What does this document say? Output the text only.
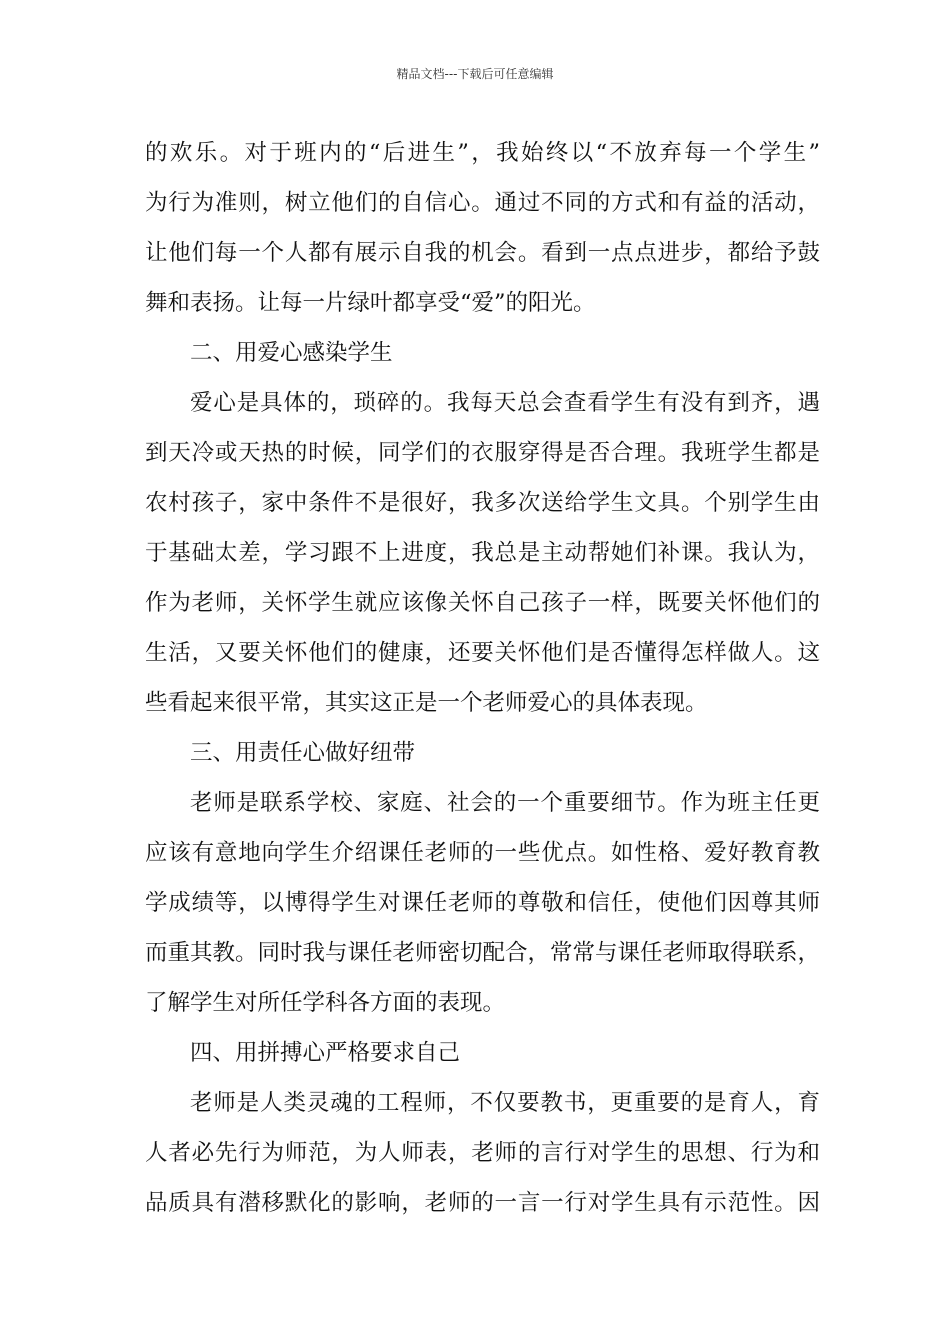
精品文档---下载后可任意编辑
的欢乐。对于班内的“后进生”，我始终以“不放弃每一个学生”
为行为准则，树立他们的自信心。通过不同的方式和有益的活动，
让他们每一个人都有展示自我的机会。看到一点点进步，都给予鼓
舞和表扬。让每一片绿叶都享受“爱”的阳光。
二、用爱心感染学生
爱心是具体的，琐碎的。我每天总会查看学生有没有到齐，遇
到天冷或天热的时候，同学们的衣服穿得是否合理。我班学生都是
农村孩子，家中条件不是很好，我多次送给学生文具。个别学生由
于基础太差，学习跟不上进度，我总是主动帮她们补课。我认为，
作为老师，关怀学生就应该像关怀自己孩子一样，既要关怀他们的
生活，又要关怀他们的健康，还要关怀他们是否懂得怎样做人。这
些看起来很平常，其实这正是一个老师爱心的具体表现。
三、用责任心做好纽带
老师是联系学校、家庭、社会的一个重要细节。作为班主任更
应该有意地向学生介绍课任老师的一些优点。如性格、爱好教育教
学成绩等，以博得学生对课任老师的尊敬和信任，使他们因尊其师
而重其教。同时我与课任老师密切配合，常常与课任老师取得联系，
了解学生对所任学科各方面的表现。
四、用拼搏心严格要求自己
老师是人类灵魂的工程师，不仅要教书，更重要的是育人，育
人者必先行为师范，为人师表，老师的言行对学生的思想、行为和
品质具有潜移默化的影响，老师的一言一行对学生具有示范性。因
